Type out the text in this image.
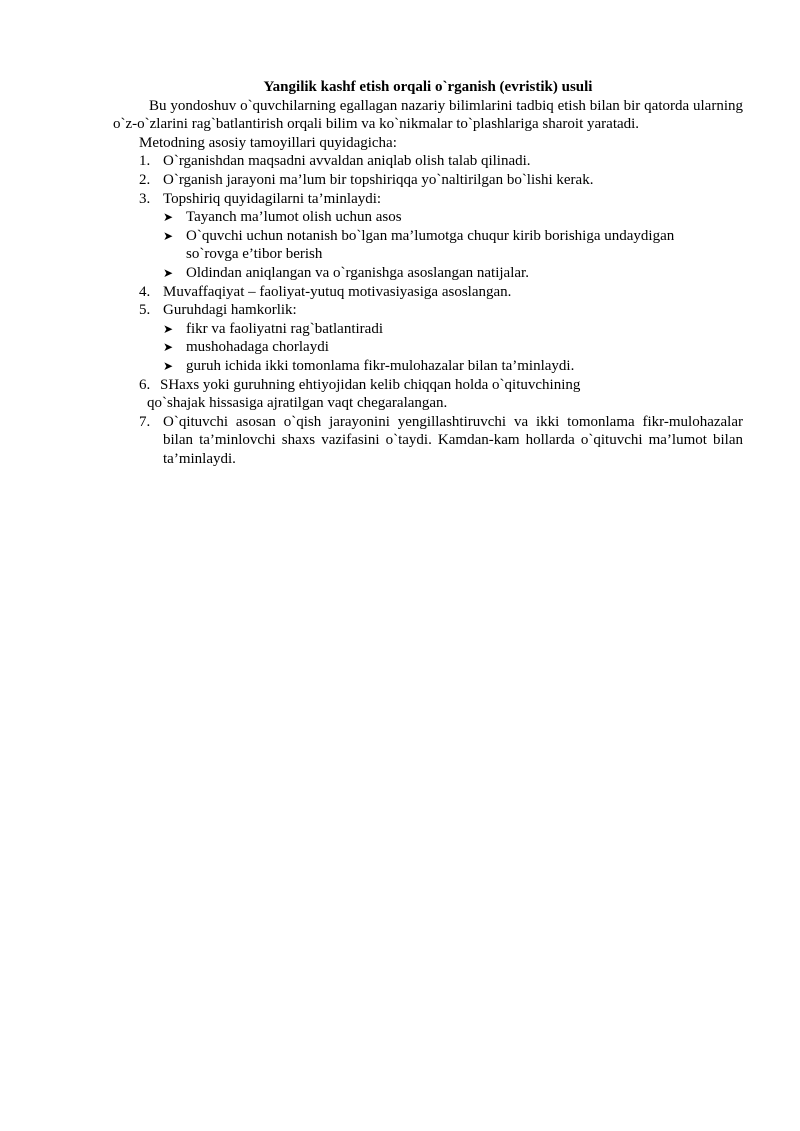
Yangilik kashf etish orqali o`rganish (evristik) usuli

Bu yondoshuv o`quvchilarning egallagan nazariy bilimlarini tadbiq etish bilan bir qatorda ularning o`z-o`zlarini rag`batlantirish orqali bilim va ko`nikmalar to`plashlariga sharoit yaratadi.

Metodning asosiy tamoyillari quyidagicha:

1. O`rganishdan maqsadni avvaldan aniqlab olish talab qilinadi.
2. O`rganish jarayoni ma’lum bir topshiriqqa yo`naltirilgan bo`lishi kerak.
3. Topshiriq quyidagilarni ta’minlaydi:
➤ Tayanch ma’lumot olish uchun asos
➤ O`quvchi uchun notanish bo`lgan ma’lumotga chuqur kirib borishiga undaydigan so`rovga e’tibor berish
➤ Oldindan aniqlangan va o`rganishga asoslangan natijalar.
4. Muvaffaqiyat – faoliyat-yutuq motivasiyasiga asoslangan.
5. Guruhdagi hamkorlik:
➤ fikr va faoliyatni rag`batlantiradi
➤ mushohadaga chorlaydi
➤ guruh ichida ikki tomonlama fikr-mulohazalar bilan ta’minlaydi.
6. SHaxs yoki guruhning ehtiyojidan kelib chiqqan holda o`qituvchining
qo`shajak hissasiga ajratilgan vaqt chegaralangan.
7. O`qituvchi asosan o`qish jarayonini yengillashtiruvchi va ikki tomonlama fikr-mulohazalar bilan ta’minlovchi shaxs vazifasini o`taydi. Kamdan-kam hollarda o`qituvchi ma’lumot bilan ta’minlaydi.
